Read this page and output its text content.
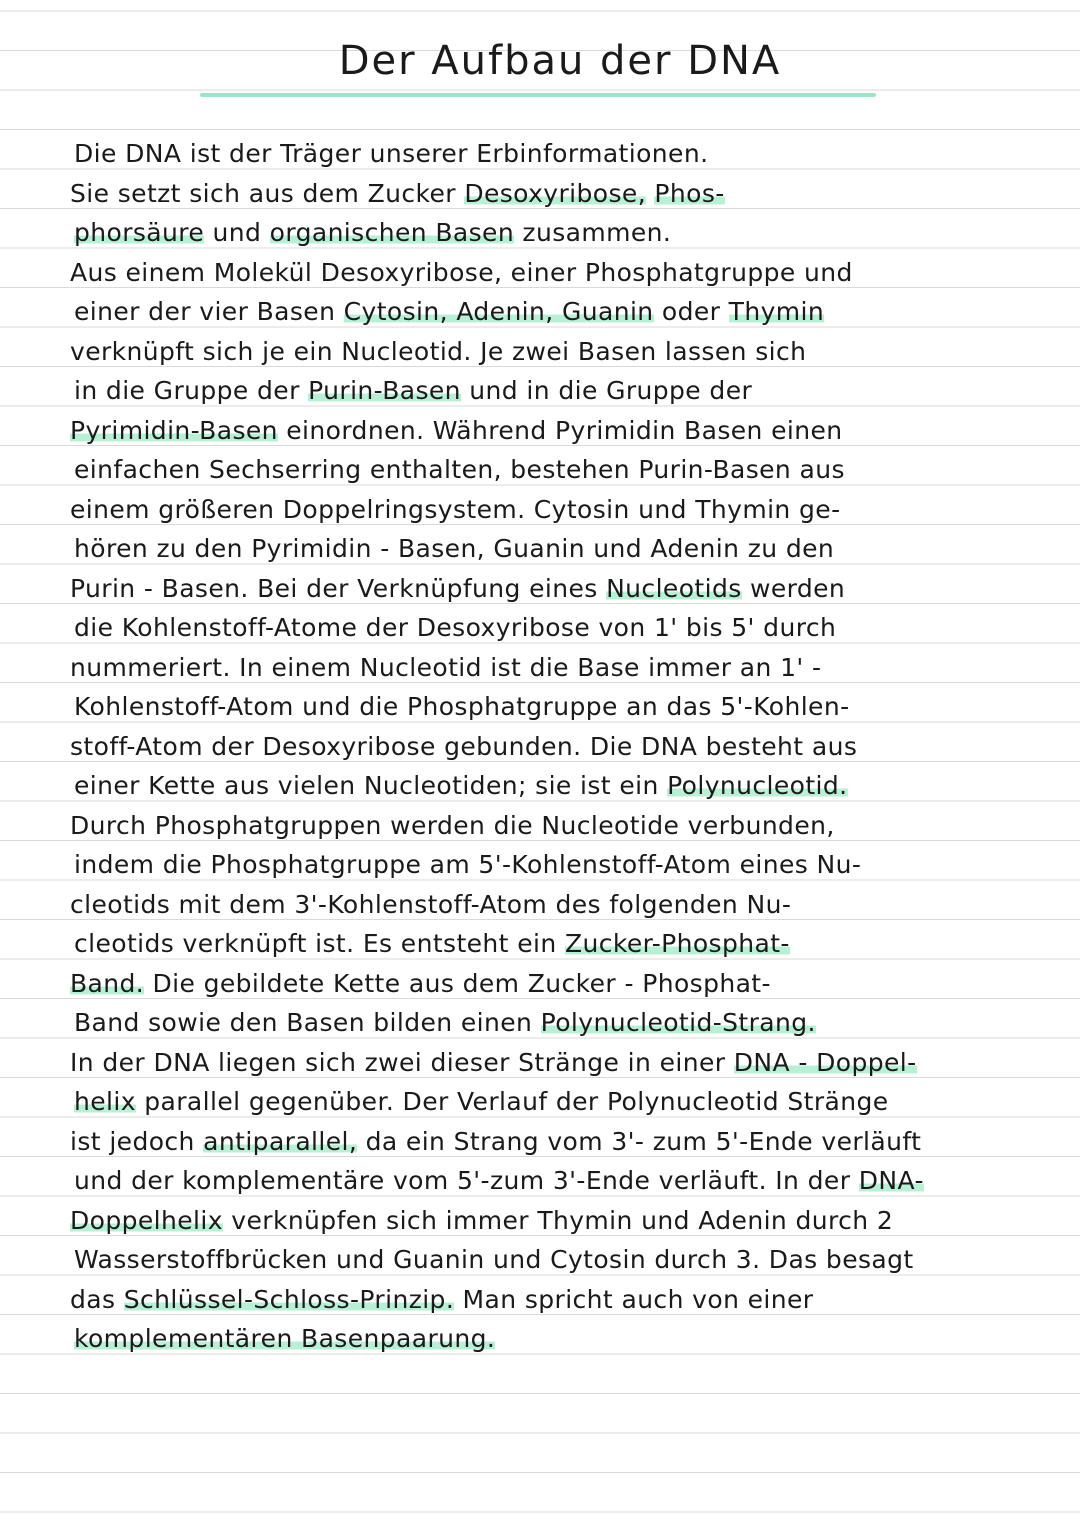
Der Aufbau der DNA
Die DNA ist der Träger unserer Erbinformationen.
Sie setzt sich aus dem Zucker Desoxyribose, Phos-
phorsäure und organischen Basen zusammen.
Aus einem Molekül Desoxyribose, einer Phosphatgruppe und
einer der vier Basen Cytosin, Adenin, Guanin oder Thymin
verknüpft sich je ein Nucleotid. Je zwei Basen lassen sich
in die Gruppe der Purin-Basen und in die Gruppe der
Pyrimidin-Basen einordnen. Während Pyrimidin Basen einen
einfachen Sechserring enthalten, bestehen Purin-Basen aus
einem größeren Doppelringsystem. Cytosin und Thymin ge-
hören zu den Pyrimidin - Basen, Guanin und Adenin zu den
Purin - Basen. Bei der Verknüpfung eines Nucleotids werden
die Kohlenstoff-Atome der Desoxyribose von 1' bis 5' durch
nummeriert. In einem Nucleotid ist die Base immer an 1' -
Kohlenstoff-Atom und die Phosphatgruppe an das 5'-Kohlen-
stoff-Atom der Desoxyribose gebunden. Die DNA besteht aus
einer Kette aus vielen Nucleotiden; sie ist ein Polynucleotid.
Durch Phosphatgruppen werden die Nucleotide verbunden,
indem die Phosphatgruppe am 5'-Kohlenstoff-Atom eines Nu-
cleotids mit dem 3'-Kohlenstoff-Atom des folgenden Nu-
cleotids verknüpft ist. Es entsteht ein Zucker-Phosphat-
Band. Die gebildete Kette aus dem Zucker - Phosphat-
Band sowie den Basen bilden einen Polynucleotid-Strang.
In der DNA liegen sich zwei dieser Stränge in einer DNA - Doppel-
helix parallel gegenüber. Der Verlauf der Polynucleotid Stränge
ist jedoch antiparallel, da ein Strang vom 3'- zum 5'-Ende verläuft
und der komplementäre vom 5'-zum 3'-Ende verläuft. In der DNA-
Doppelhelix verknüpfen sich immer Thymin und Adenin durch 2
Wasserstoffbrücken und Guanin und Cytosin durch 3. Das besagt
das Schlüssel-Schloss-Prinzip. Man spricht auch von einer
komplementären Basenpaarung.
